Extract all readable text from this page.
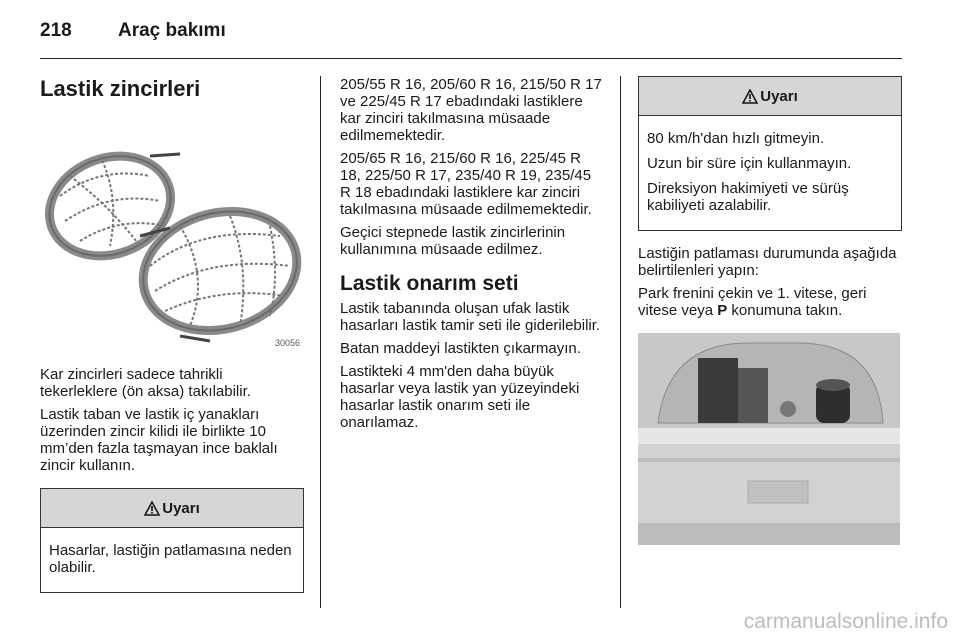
218 Araç bakımı
Lastik zincirleri
30056

Kar zincirleri sadece tahrikli tekerleklere (ön aksa) takılabilir.

Lastik taban ve lastik iç yanakları üzerinden zincir kilidi ile birlikte 10 mm’den fazla taşmayan ince baklalı zincir kullanın.

Uyarı

Hasarlar, lastiğin patlamasına neden olabilir.

205/55 R 16, 205/60 R 16, 215/50 R 17 ve 225/45 R 17 ebadındaki lastiklere kar zinciri takılmasına müsaade edilmemektedir.

205/65 R 16, 215/60 R 16, 225/45 R 18, 225/50 R 17, 235/40 R 19, 235/45 R 18 ebadındaki lastiklere kar zinciri takılmasına müsaade edilmemektedir.

Geçici stepnede lastik zincirlerinin kullanımına müsaade edilmez.

Lastik onarım seti

Lastik tabanında oluşan ufak lastik hasarları lastik tamir seti ile giderilebilir.

Batan maddeyi lastikten çıkarmayın.

Lastikteki 4 mm'den daha büyük hasarlar veya lastik yan yüzeyindeki hasarlar lastik onarım seti ile onarılamaz.

Uyarı

80 km/h'dan hızlı gitmeyin.

Uzun bir süre için kullanmayın.

Direksiyon hakimiyeti ve sürüş kabiliyeti azalabilir.

Lastiğin patlaması durumunda aşağıda belirtilenleri yapın:

Park frenini çekin ve 1. vitese, geri vitese veya P konumuna takın.

carmanualsonline.info
